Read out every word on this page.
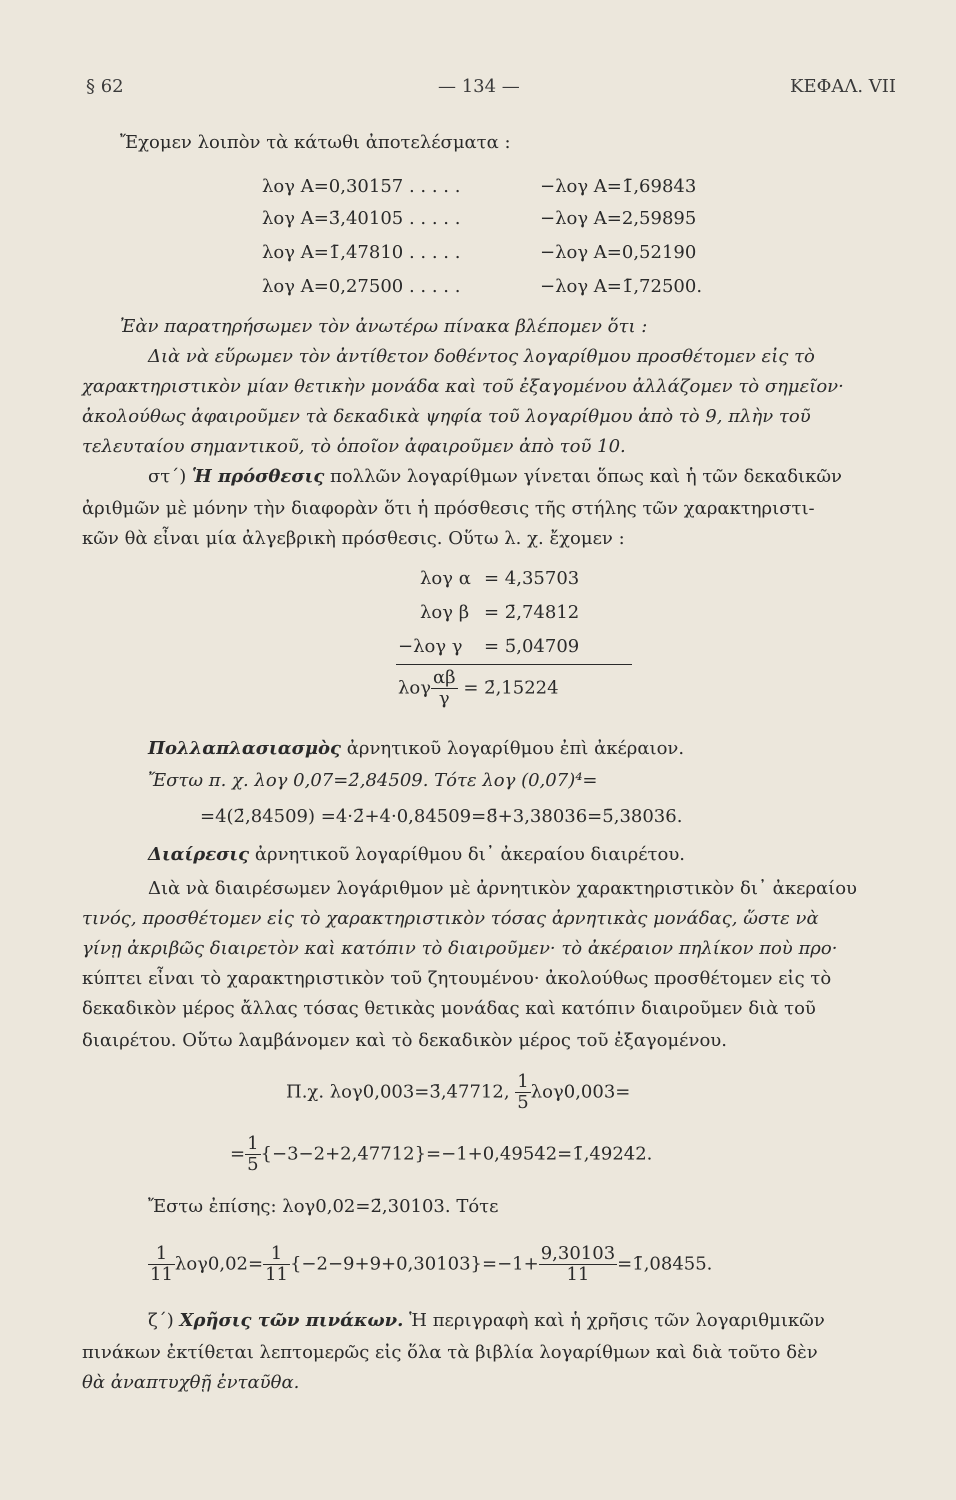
§ 62	— 134 —	ΚΕΦΑΛ. VII
Ἔχομεν λοιπὸν τὰ κάτωθι ἀποτελέσματα :
λογ A=0,30157 . . . . .	−λογ A=1̄,69843
λογ A=3̄,40105 . . . . .	−λογ A=2,59895
λογ A=1̄,47810 . . . . .	−λογ A=0,52190
λογ A=0,27500 . . . . .	−λογ A=1̄,72500.
Ἐὰν παρατηρήσωμεν τὸν ἀνωτέρω πίνακα βλέπομεν ὅτι :
Διὰ νὰ εὕρωμεν τὸν ἀντίθετον δοθέντος λογαρίθμου προσθέτομεν εἰς τὸ
χαρακτηριστικὸν μίαν θετικὴν μονάδα καὶ τοῦ ἐξαγομένου ἀλλάζομεν τὸ σημεῖον·
ἀκολούθως ἀφαιροῦμεν τὰ δεκαδικὰ ψηφία τοῦ λογαρίθμου ἀπὸ τὸ 9, πλὴν τοῦ
τελευταίου σημαντικοῦ, τὸ ὁποῖον ἀφαιροῦμεν ἀπὸ τοῦ 10.
στ΄) Ἡ πρόσθεσις πολλῶν λογαρίθμων γίνεται ὅπως καὶ ἡ τῶν δεκαδικῶν
ἀριθμῶν μὲ μόνην τὴν διαφορὰν ὅτι ἡ πρόσθεσις τῆς στήλης τῶν χαρακτηριστι-
κῶν θὰ εἶναι μία ἀλγεβρικὴ πρόσθεσις. Οὕτω λ. χ. ἔχομεν :
λογ α = 4,35703
λογ β = 2̄,74812
−λογ γ = 5̄,04709
λογ $\frac{\alpha\beta}{\gamma}$ = 2̄,15224
Πολλαπλασιασμὸς ἀρνητικοῦ λογαρίθμου ἐπὶ ἀκέραιον.
Ἔστω π. χ. λογ 0,07=2̄,84509. Τότε λογ (0,07)⁴=
=4(2̄,84509) =4·2̄+4·0,84509=8̄+3,38036=5̄,38036.
Διαίρεσις ἀρνητικοῦ λογαρίθμου δι᾽ ἀκεραίου διαιρέτου.
Διὰ νὰ διαιρέσωμεν λογάριθμον μὲ ἀρνητικὸν χαρακτηριστικὸν δι᾽ ἀκεραίου
τινός, προσθέτομεν εἰς τὸ χαρακτηριστικὸν τόσας ἀρνητικὰς μονάδας, ὥστε νὰ
γίνῃ ἀκριβῶς διαιρετὸν καὶ κατόπιν τὸ διαιροῦμεν· τὸ ἀκέραιον πηλίκον ποὺ προ·
κύπτει εἶναι τὸ χαρακτηριστικὸν τοῦ ζητουμένου· ἀκολούθως προσθέτομεν εἰς τὸ
δεκαδικὸν μέρος ἄλλας τόσας θετικὰς μονάδας καὶ κατόπιν διαιροῦμεν διὰ τοῦ
διαιρέτου. Οὕτω λαμβάνομεν καὶ τὸ δεκαδικὸν μέρος τοῦ ἐξαγομένου.
Π.χ. λογ0,003=3̄,47712, $\frac{1}{5} \lambda o\gamma 0,003=$
= $\frac{1}{5}$ {−3−2+2,47712}=−1+0,49542=1̄,49242.
Ἔστω ἐπίσης: λογ0,02=2̄,30103. Τότε
$\frac{1}{11} \lambda o\gamma 0,02= \frac{1}{11} \{-2-9+9+0,30103\}=-1+ \frac{9,30103}{11}$ =1̄,08455.
ζ΄) Χρῆσις τῶν πινάκων. Ἡ περιγραφὴ καὶ ἡ χρῆσις τῶν λογαριθμικῶν
πινάκων ἐκτίθεται λεπτομερῶς εἰς ὅλα τὰ βιβλία λογαρίθμων καὶ διὰ τοῦτο δὲν
θὰ ἀναπτυχθῇ ἐνταῦθα.
